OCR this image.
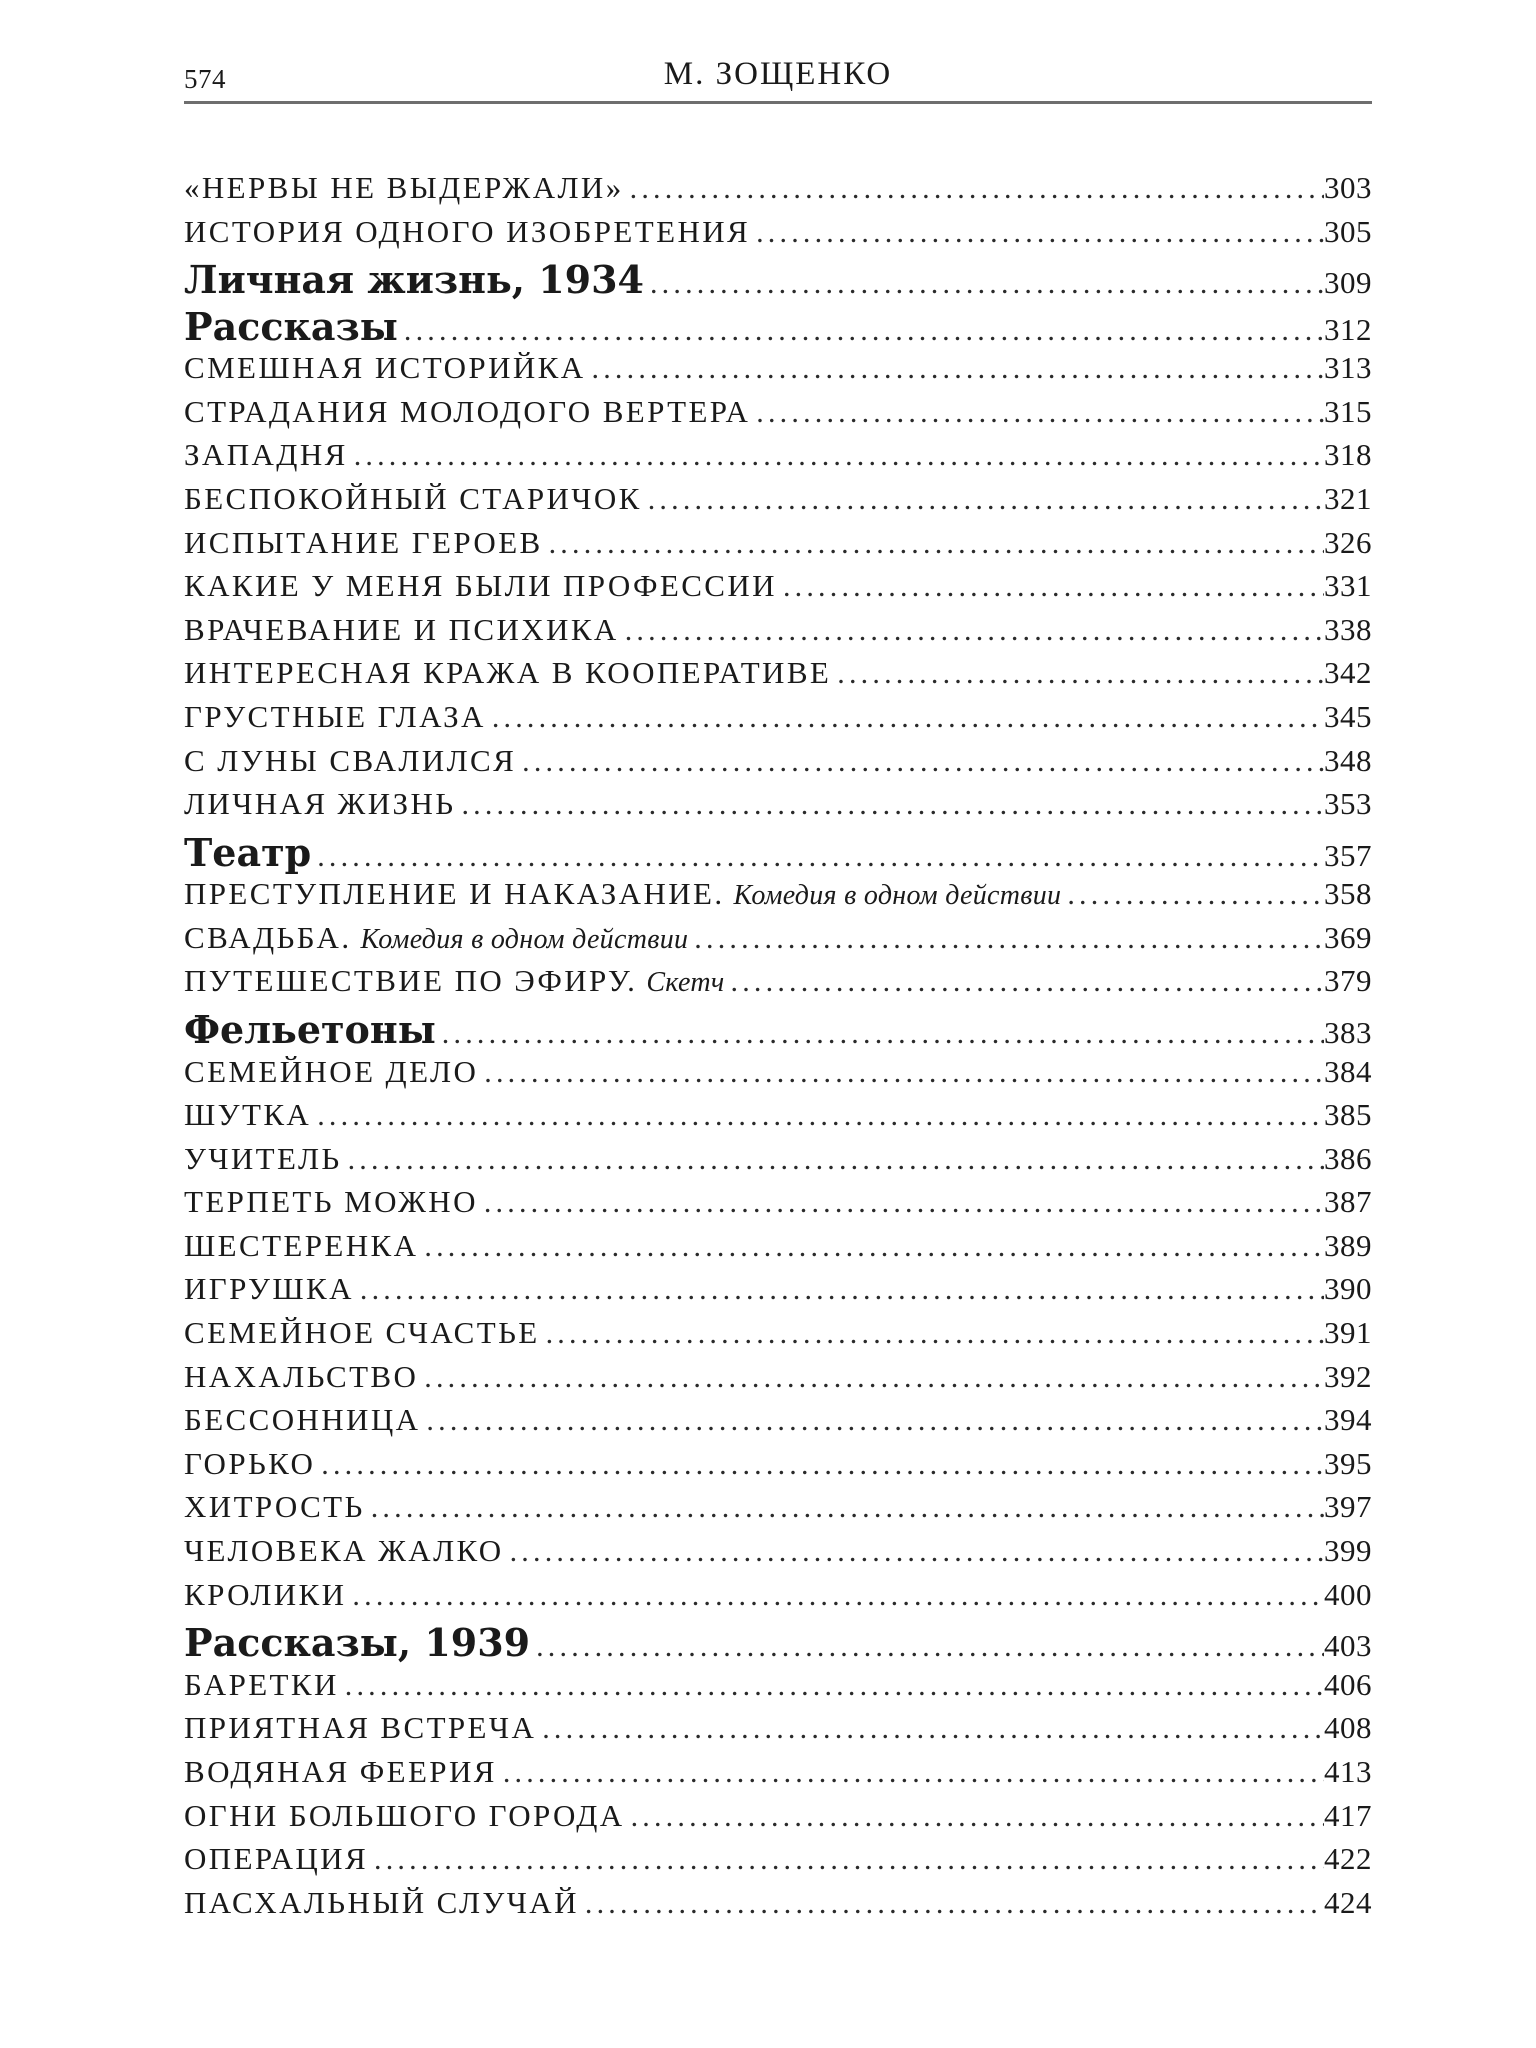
574	М. ЗОЩЕНКО
«НЕРВЫ НЕ ВЫДЕРЖАЛИ» .....	303
ИСТОРИЯ ОДНОГО ИЗОБРЕТЕНИЯ .....	305
Личная жизнь, 1934 .....	309
Рассказы .....	312
СМЕШНАЯ ИСТОРИЙКА .....	313
СТРАДАНИЯ МОЛОДОГО ВЕРТЕРА .....	315
ЗАПАДНЯ .....	318
БЕСПОКОЙНЫЙ СТАРИЧОК .....	321
ИСПЫТАНИЕ ГЕРОЕВ .....	326
КАКИЕ У МЕНЯ БЫЛИ ПРОФЕССИИ .....	331
ВРАЧЕВАНИЕ И ПСИХИКА .....	338
ИНТЕРЕСНАЯ КРАЖА В КООПЕРАТИВЕ .....	342
ГРУСТНЫЕ ГЛАЗА .....	345
С ЛУНЫ СВАЛИЛСЯ .....	348
ЛИЧНАЯ ЖИЗНЬ .....	353
Театр .....	357
ПРЕСТУПЛЕНИЕ И НАКАЗАНИЕ. Комедия в одном действии .....	358
СВАДЬБА. Комедия в одном действии .....	369
ПУТЕШЕСТВИЕ ПО ЭФИРУ. Скетч .....	379
Фельетоны .....	383
СЕМЕЙНОЕ ДЕЛО .....	384
ШУТКА .....	385
УЧИТЕЛЬ .....	386
ТЕРПЕТЬ МОЖНО .....	387
ШЕСТЕРЕНКА .....	389
ИГРУШКА .....	390
СЕМЕЙНОЕ СЧАСТЬЕ .....	391
НАХАЛЬСТВО .....	392
БЕССОННИЦА .....	394
ГОРЬКО .....	395
ХИТРОСТЬ .....	397
ЧЕЛОВЕКА ЖАЛКО .....	399
КРОЛИКИ .....	400
Рассказы, 1939 .....	403
БАРЕТКИ .....	406
ПРИЯТНАЯ ВСТРЕЧА .....	408
ВОДЯНАЯ ФЕЕРИЯ .....	413
ОГНИ БОЛЬШОГО ГОРОДА .....	417
ОПЕРАЦИЯ .....	422
ПАСХАЛЬНЫЙ СЛУЧАЙ .....	424
